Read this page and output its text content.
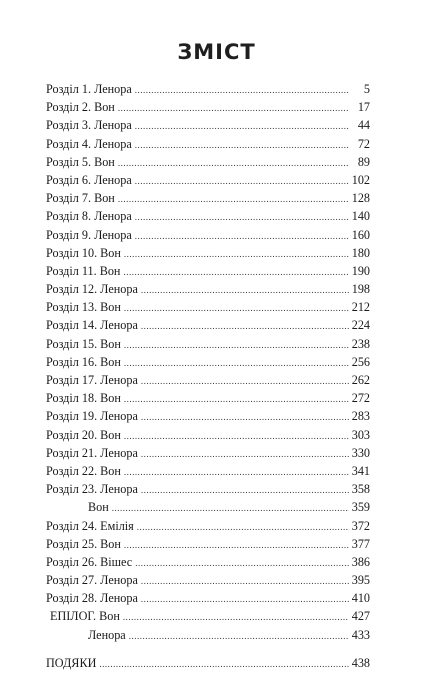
ЗМІСТ
Розділ 1. Ленора .....	5
Розділ 2. Вон .....	17
Розділ 3. Ленора .....	44
Розділ 4. Ленора .....	72
Розділ 5. Вон .....	89
Розділ 6. Ленора .....	102
Розділ 7. Вон .....	128
Розділ 8. Ленора .....	140
Розділ 9. Ленора .....	160
Розділ 10. Вон .....	180
Розділ 11. Вон .....	190
Розділ 12. Ленора .....	198
Розділ 13. Вон .....	212
Розділ 14. Ленора .....	224
Розділ 15. Вон .....	238
Розділ 16. Вон .....	256
Розділ 17. Ленора .....	262
Розділ 18. Вон .....	272
Розділ 19. Ленора .....	283
Розділ 20. Вон .....	303
Розділ 21. Ленора .....	330
Розділ 22. Вон .....	341
Розділ 23. Ленора .....	358
Вон .....	359
Розділ 24. Емілія .....	372
Розділ 25. Вон .....	377
Розділ 26. Вішес .....	386
Розділ 27. Ленора .....	395
Розділ 28. Ленора .....	410
ЕПІЛОГ. Вон .....	427
Ленора .....	433
ПОДЯКИ .....	438
